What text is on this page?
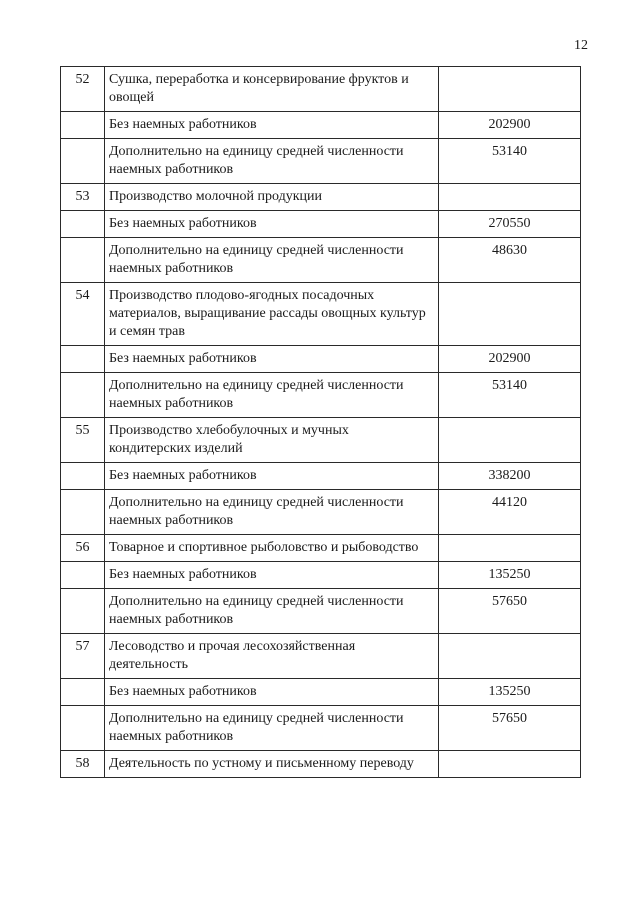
12
52	Сушка, переработка и консервирование фруктов и овощей	
	Без наемных работников	202900
	Дополнительно на единицу средней численности наемных работников	53140
53	Производство молочной продукции	
	Без наемных работников	270550
	Дополнительно на единицу средней численности наемных работников	48630
54	Производство плодово-ягодных посадочных материалов, выращивание рассады овощных культур и семян трав	
	Без наемных работников	202900
	Дополнительно на единицу средней численности наемных работников	53140
55	Производство хлебобулочных и мучных кондитерских изделий	
	Без наемных работников	338200
	Дополнительно на единицу средней численности наемных работников	44120
56	Товарное и спортивное рыболовство и рыбоводство	
	Без наемных работников	135250
	Дополнительно на единицу средней численности наемных работников	57650
57	Лесоводство и прочая лесохозяйственная деятельность	
	Без наемных работников	135250
	Дополнительно на единицу средней численности наемных работников	57650
58	Деятельность по устному и письменному переводу	
